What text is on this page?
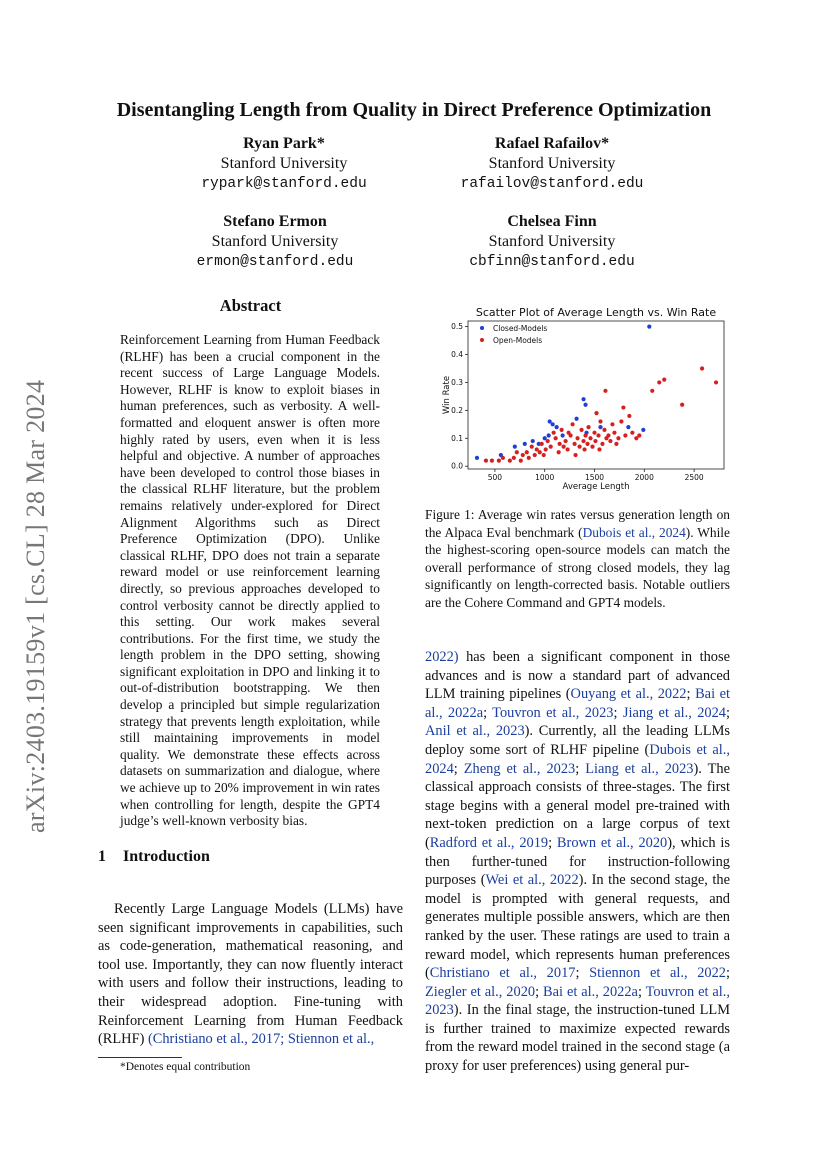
arXiv:2403.19159v1 [cs.CL] 28 Mar 2024
Disentangling Length from Quality in Direct Preference Optimization
Ryan Park*
Stanford University
rypark@stanford.edu
Rafael Rafailov*
Stanford University
rafailov@stanford.edu
Stefano Ermon
Stanford University
ermon@stanford.edu
Chelsea Finn
Stanford University
cbfinn@stanford.edu
Abstract

Reinforcement Learning from Human Feedback (RLHF) has been a crucial component in the recent success of Large Language Models. However, RLHF is know to exploit biases in human preferences, such as verbosity. A well-formatted and eloquent answer is often more highly rated by users, even when it is less helpful and objective. A number of approaches have been developed to control those biases in the classical RLHF literature, but the problem remains relatively under-explored for Direct Alignment Algorithms such as Direct Preference Optimization (DPO). Unlike classical RLHF, DPO does not train a separate reward model or use reinforcement learning directly, so previous approaches developed to control verbosity cannot be directly applied to this setting. Our work makes several contributions. For the first time, we study the length problem in the DPO setting, showing significant exploitation in DPO and linking it to out-of-distribution bootstrapping. We then develop a principled but simple regularization strategy that prevents length exploitation, while still maintaining improvements in model quality. We demonstrate these effects across datasets on summarization and dialogue, where we achieve up to 20% improvement in win rates when controlling for length, despite the GPT4 judge’s well-known verbosity bias.

1 Introduction

Recently Large Language Models (LLMs) have seen significant improvements in capabilities, such as code-generation, mathematical reasoning, and tool use. Importantly, they can now fluently interact with users and follow their instructions, leading to their widespread adoption. Fine-tuning with Reinforcement Learning from Human Feedback (RLHF) (Christiano et al., 2017; Stiennon et al.,

*Denotes equal contribution
Scatter Plot of Average Length vs. Win Rate
500	1000	1500	2000	2500
0.0
0.1
0.2
0.3
0.4
0.5
Average Length
Win Rate
Closed-Models
Open-Models

Figure 1: Average win rates versus generation length on the Alpaca Eval benchmark (Dubois et al., 2024). While the highest-scoring open-source models can match the overall performance of strong closed models, they lag significantly on length-corrected basis. Notable outliers are the Cohere Command and GPT4 models.

2022) has been a significant component in those advances and is now a standard part of advanced LLM training pipelines (Ouyang et al., 2022; Bai et al., 2022a; Touvron et al., 2023; Jiang et al., 2024; Anil et al., 2023). Currently, all the leading LLMs deploy some sort of RLHF pipeline (Dubois et al., 2024; Zheng et al., 2023; Liang et al., 2023). The classical approach consists of three-stages. The first stage begins with a general model pre-trained with next-token prediction on a large corpus of text (Radford et al., 2019; Brown et al., 2020), which is then further-tuned for instruction-following purposes (Wei et al., 2022). In the second stage, the model is prompted with general requests, and generates multiple possible answers, which are then ranked by the user. These ratings are used to train a reward model, which represents human preferences (Christiano et al., 2017; Stiennon et al., 2022; Ziegler et al., 2020; Bai et al., 2022a; Touvron et al., 2023). In the final stage, the instruction-tuned LLM is further trained to maximize expected rewards from the reward model trained in the second stage (a proxy for user preferences) using general pur-
